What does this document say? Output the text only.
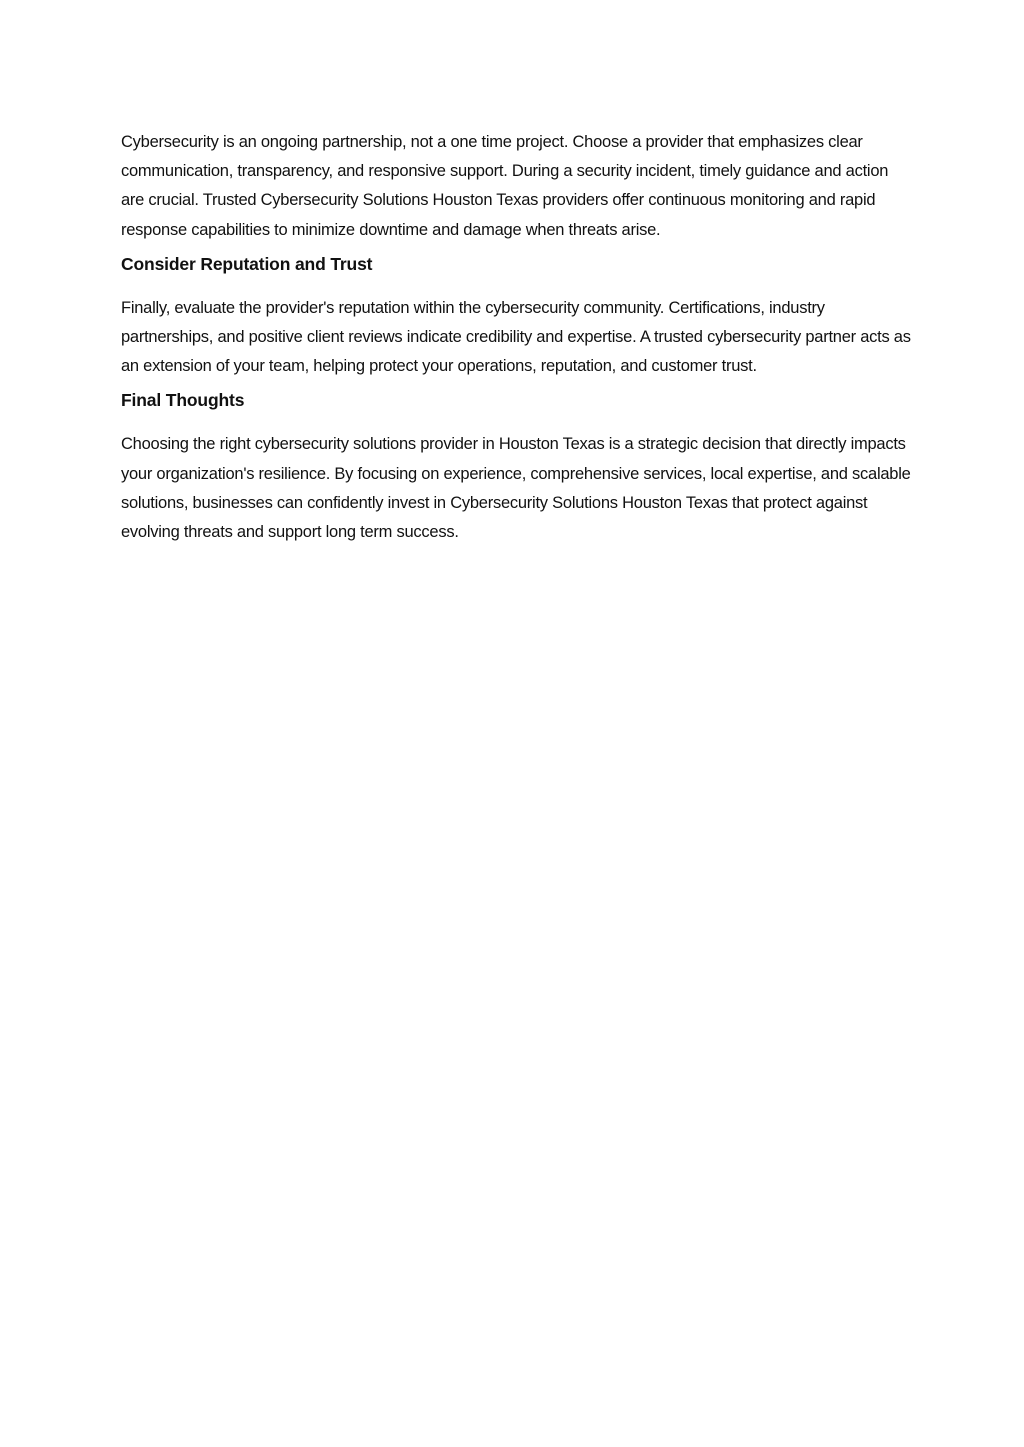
Cybersecurity is an ongoing partnership, not a one time project. Choose a provider that emphasizes clear communication, transparency, and responsive support. During a security incident, timely guidance and action are crucial. Trusted Cybersecurity Solutions Houston Texas providers offer continuous monitoring and rapid response capabilities to minimize downtime and damage when threats arise.

Consider Reputation and Trust

Finally, evaluate the provider's reputation within the cybersecurity community. Certifications, industry partnerships, and positive client reviews indicate credibility and expertise. A trusted cybersecurity partner acts as an extension of your team, helping protect your operations, reputation, and customer trust.

Final Thoughts

Choosing the right cybersecurity solutions provider in Houston Texas is a strategic decision that directly impacts your organization's resilience. By focusing on experience, comprehensive services, local expertise, and scalable solutions, businesses can confidently invest in Cybersecurity Solutions Houston Texas that protect against evolving threats and support long term success.
